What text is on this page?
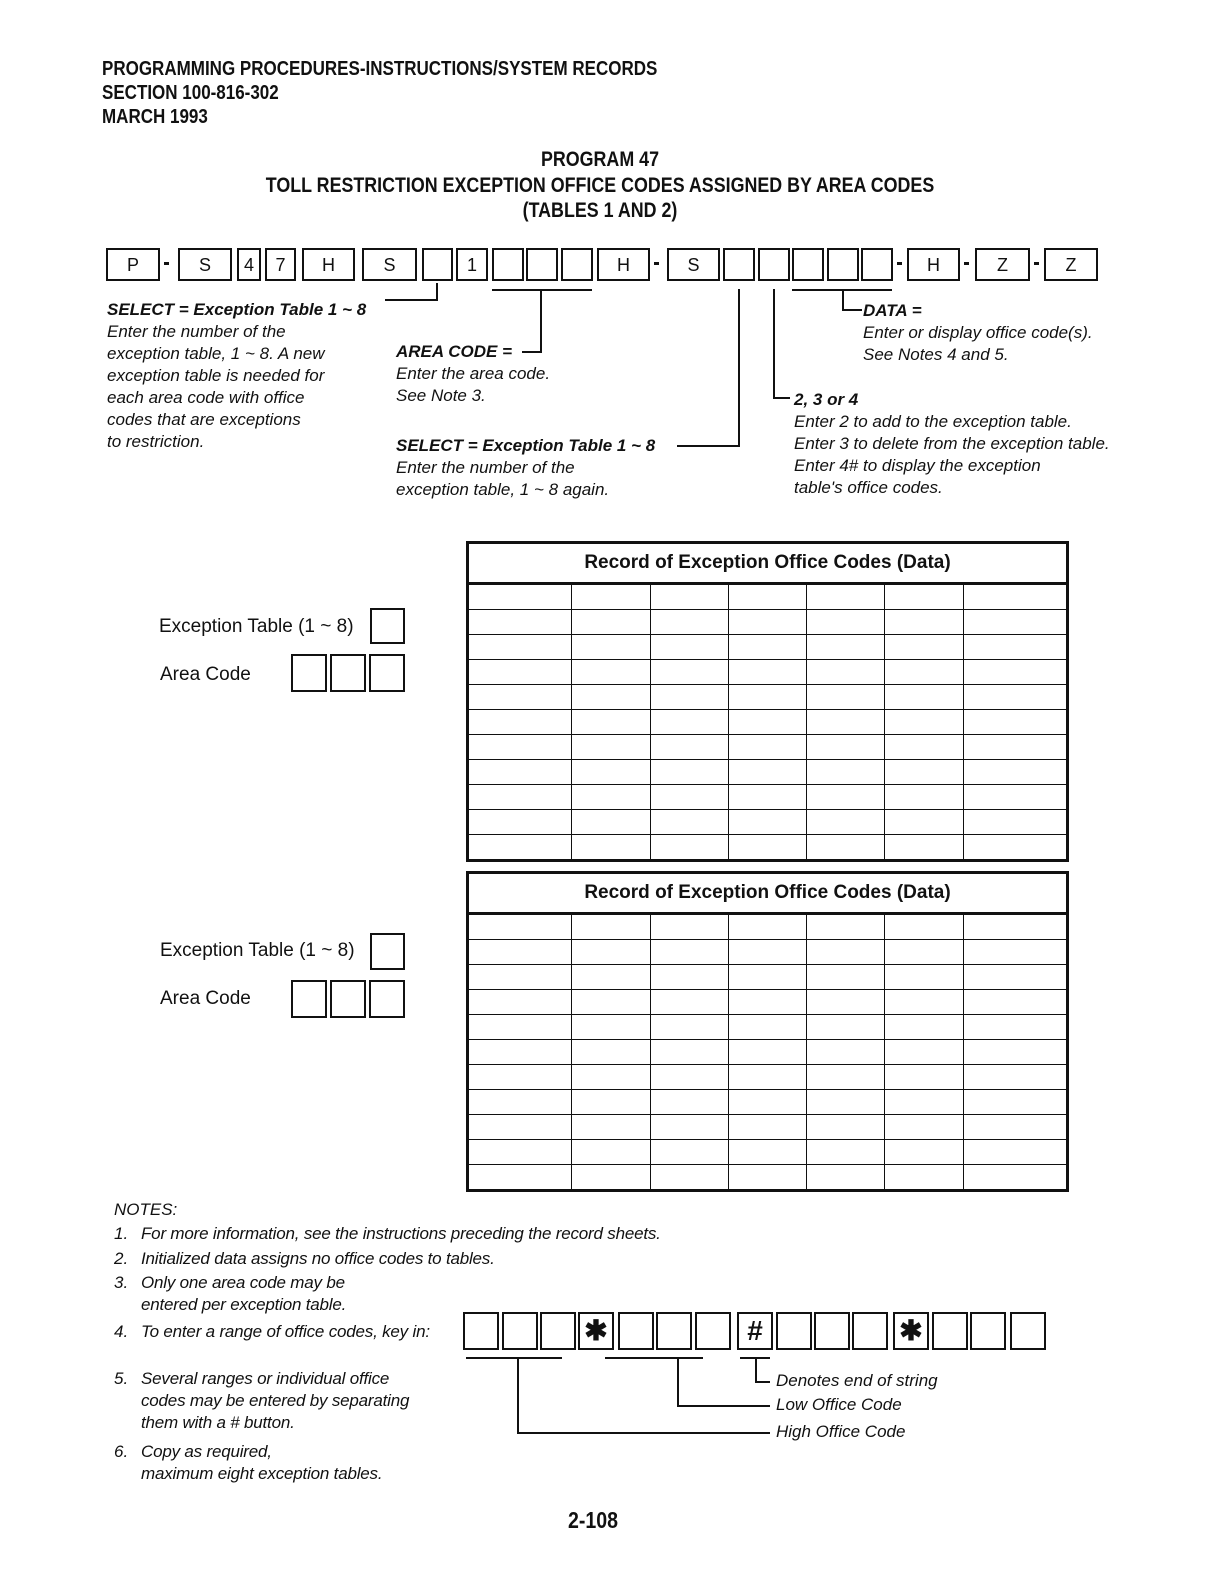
PROGRAMMING PROCEDURES-INSTRUCTIONS/SYSTEM RECORDS
SECTION 100-816-302
MARCH 1993
PROGRAM 47
TOLL RESTRICTION EXCEPTION OFFICE CODES ASSIGNED BY AREA CODES
(TABLES 1 AND 2)
P	S	4	7	H	S	1	H	S	H	Z	Z
SELECT = Exception Table 1 ~ 8
Enter the number of the
exception table, 1 ~ 8. A new
exception table is needed for
each area code with office
codes that are exceptions
to restriction.
AREA CODE =
Enter the area code.
See Note 3.
SELECT = Exception Table 1 ~ 8
Enter the number of the
exception table, 1 ~ 8 again.
2, 3 or 4
Enter 2 to add to the exception table.
Enter 3 to delete from the exception table.
Enter 4# to display the exception
table's office codes.
DATA =
Enter or display office code(s).
See Notes 4 and 5.
Exception Table (1 ~ 8)
Area Code
Record of Exception Office Codes (Data)						

Exception Table (1 ~ 8)
Area Code
Record of Exception Office Codes (Data)						

NOTES:
1. For more information, see the instructions preceding the record sheets.
2. Initialized data assigns no office codes to tables.
3. Only one area code may be
entered per exception table.
4. To enter a range of office codes, key in:
5. Several ranges or individual office
codes may be entered by separating
them with a # button.
6. Copy as required,
maximum eight exception tables.
✱	#	✱
Denotes end of string
Low Office Code
High Office Code
2-108
